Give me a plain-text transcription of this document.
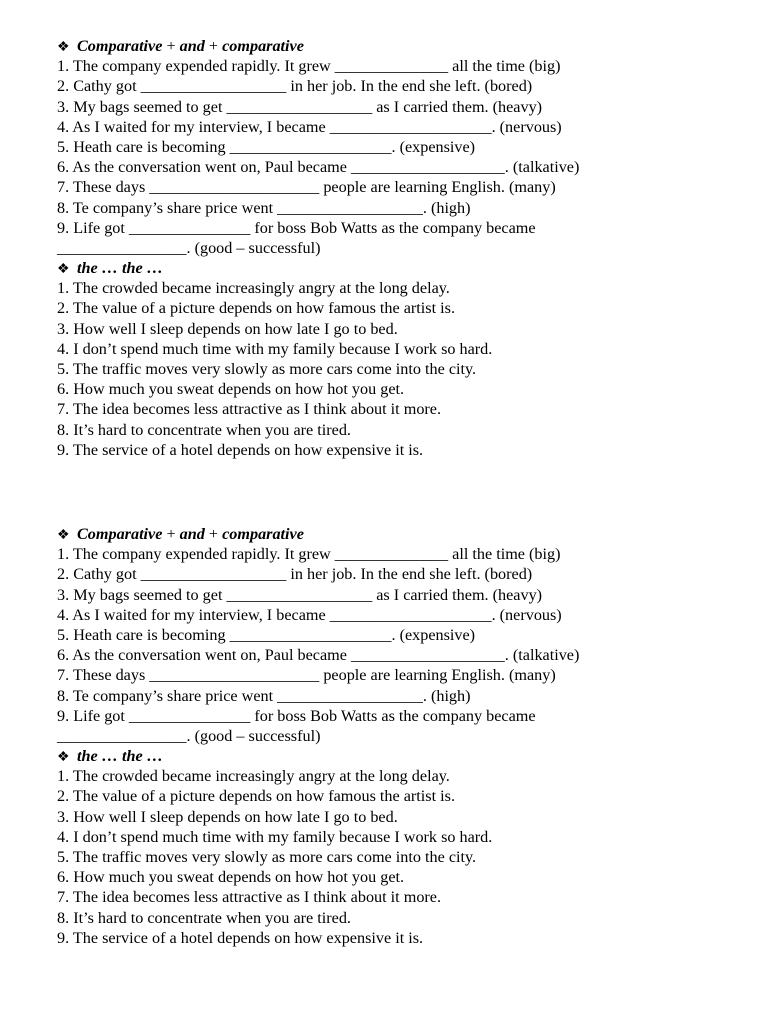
❖ Comparative + and + comparative
1. The company expended rapidly. It grew ______________ all the time (big)
2. Cathy got __________________ in her job. In the end she left. (bored)
3. My bags seemed to get __________________ as I carried them. (heavy)
4. As I waited for my interview, I became ____________________. (nervous)
5. Heath care is becoming ____________________. (expensive)
6. As the conversation went on, Paul became ___________________. (talkative)
7. These days _____________________ people are learning English. (many)
8. Te company’s share price went __________________. (high)
9. Life got _______________ for boss Bob Watts as the company became
________________. (good – successful)
❖ the … the …
1. The crowded became increasingly angry at the long delay.
2. The value of a picture depends on how famous the artist is.
3. How well I sleep depends on how late I go to bed.
4. I don’t spend much time with my family because I work so hard.
5. The traffic moves very slowly as more cars come into the city.
6. How much you sweat depends on how hot you get.
7. The idea becomes less attractive as I think about it more.
8. It’s hard to concentrate when you are tired.
9. The service of a hotel depends on how expensive it is.
❖ Comparative + and + comparative
1. The company expended rapidly. It grew ______________ all the time (big)
2. Cathy got __________________ in her job. In the end she left. (bored)
3. My bags seemed to get __________________ as I carried them. (heavy)
4. As I waited for my interview, I became ____________________. (nervous)
5. Heath care is becoming ____________________. (expensive)
6. As the conversation went on, Paul became ___________________. (talkative)
7. These days _____________________ people are learning English. (many)
8. Te company’s share price went __________________. (high)
9. Life got _______________ for boss Bob Watts as the company became
________________. (good – successful)
❖ the … the …
1. The crowded became increasingly angry at the long delay.
2. The value of a picture depends on how famous the artist is.
3. How well I sleep depends on how late I go to bed.
4. I don’t spend much time with my family because I work so hard.
5. The traffic moves very slowly as more cars come into the city.
6. How much you sweat depends on how hot you get.
7. The idea becomes less attractive as I think about it more.
8. It’s hard to concentrate when you are tired.
9. The service of a hotel depends on how expensive it is.
